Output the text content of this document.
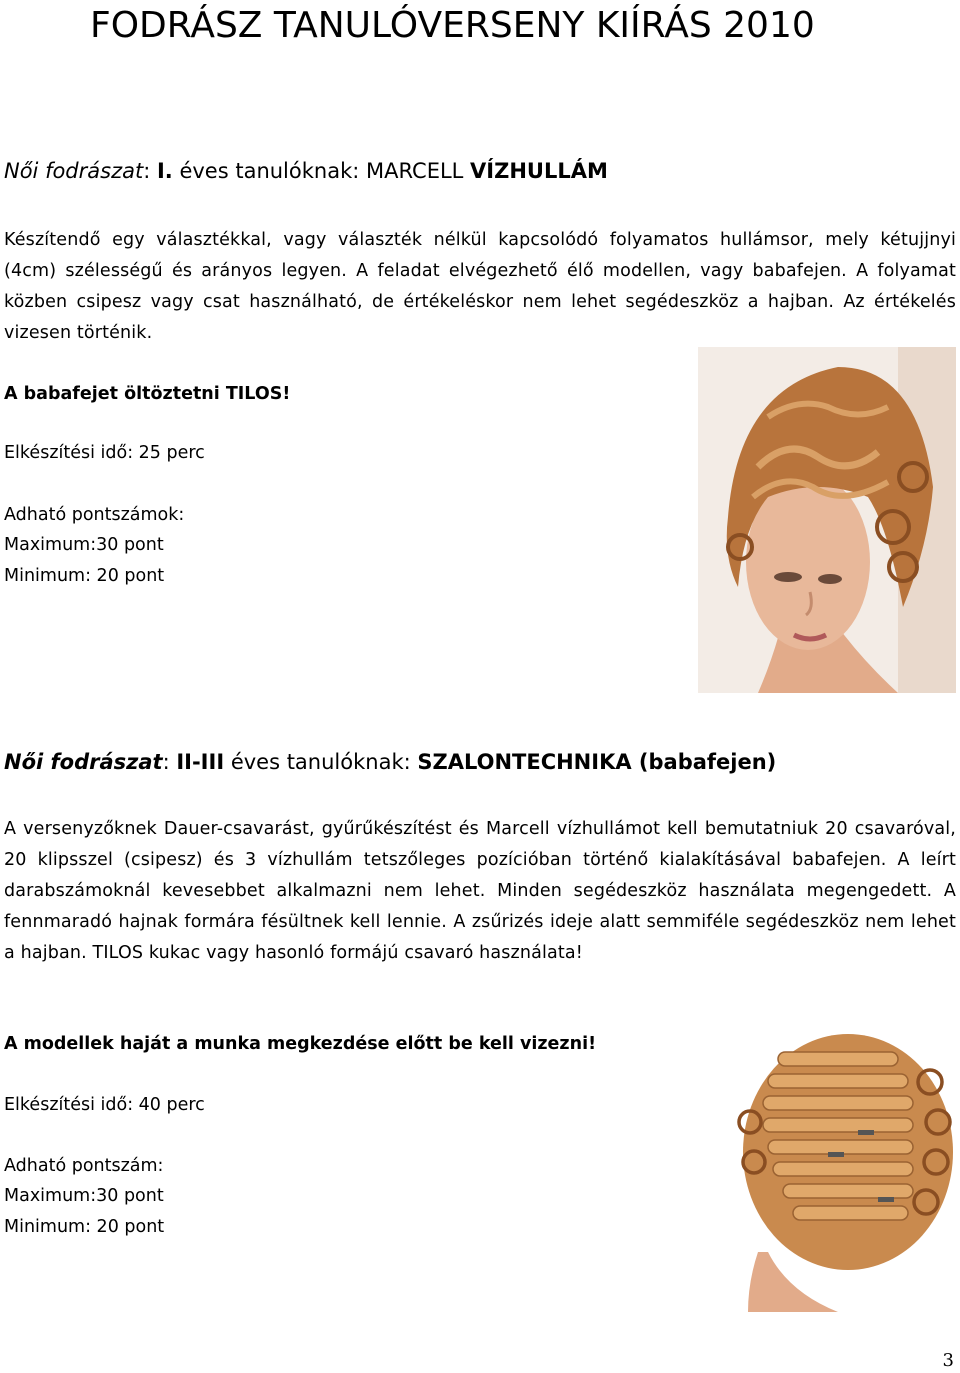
FODRÁSZ TANULÓVERSENY KIÍRÁS 2010
Női fodrászat: I. éves tanulóknak: MARCELL VÍZHULLÁM

Készítendő egy választékkal, vagy választék nélkül kapcsolódó folyamatos hullámsor, mely kétujjnyi (4cm) szélességű és arányos legyen. A feladat elvégezhető élő modellen, vagy babafejen. A folyamat közben csipesz vagy csat használható, de értékeléskor nem lehet segédeszköz a hajban. Az értékelés vizesen történik.

A babafejet öltöztetni TILOS!
Elkészítési idő: 25 perc
Adható pontszámok:
Maximum:30 pont
Minimum: 20 pont
Női fodrászat: II-III éves tanulóknak: SZALONTECHNIKA (babafejen)

A versenyzőknek Dauer-csavarást, gyűrűkészítést és Marcell vízhullámot kell bemutatniuk 20 csavaróval, 20 klipsszel (csipesz) és 3 vízhullám tetszőleges pozícióban történő kialakításával babafejen. A leírt darabszámoknál kevesebbet alkalmazni nem lehet. Minden segédeszköz használata megengedett. A fennmaradó hajnak formára fésültnek kell lennie. A zsűrizés ideje alatt semmiféle segédeszköz nem lehet a hajban. TILOS kukac vagy hasonló formájú csavaró használata!

A modellek haját a munka megkezdése előtt be kell vizezni!
Elkészítési idő: 40 perc
Adható pontszám:
Maximum:30 pont
Minimum: 20 pont
3
